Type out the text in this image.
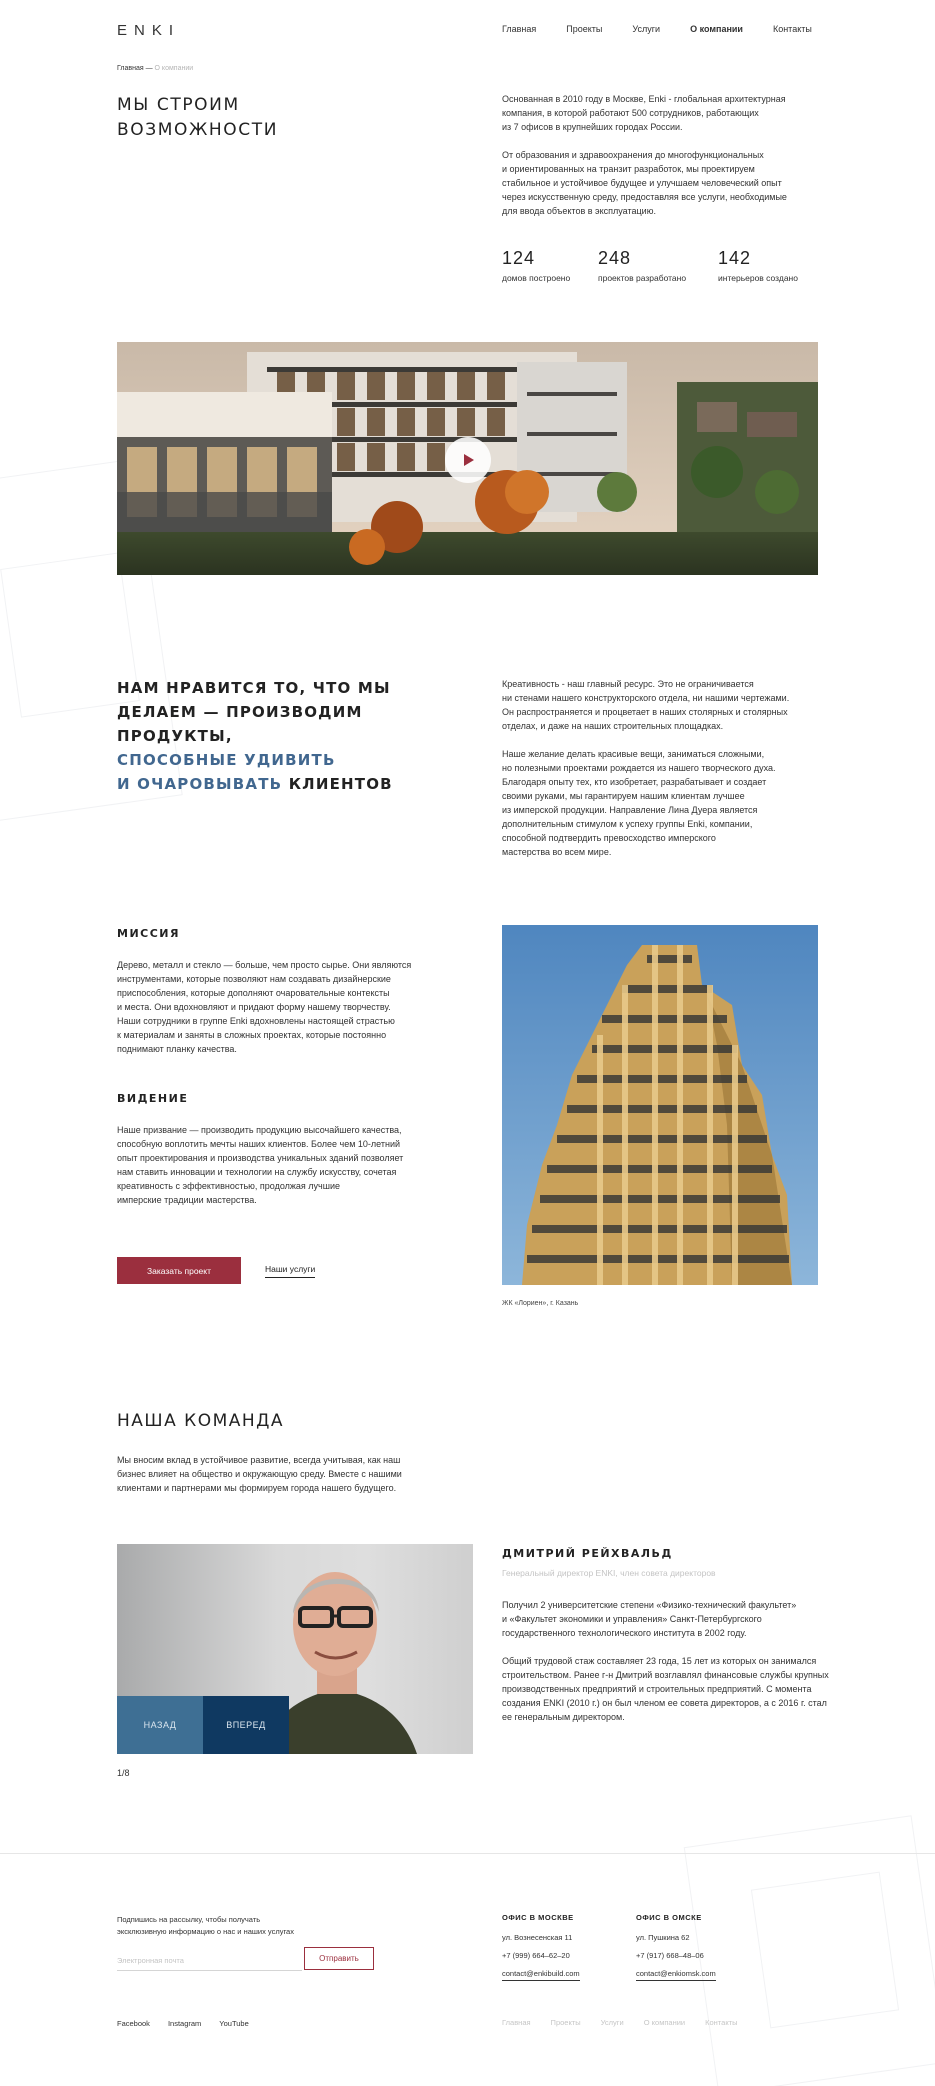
ENKI	Главная	Проекты	Услуги	О компании	Контакты
Главная — О компании
МЫ СТРОИМ
ВОЗМОЖНОСТИ
Основанная в 2010 году в Москве, Enki - глобальная архитектурная
компания, в которой работают 500 сотрудников, работающих
из 7 офисов в крупнейших городах России.
От образования и здравоохранения до многофункциональных
и ориентированных на транзит разработок, мы проектируем
стабильное и устойчивое будущее и улучшаем человеческий опыт
через искусственную среду, предоставляя все услуги, необходимые
для ввода объектов в эксплуатацию.
124
домов построено
248
проектов разработано
142
интерьеров создано
НАМ НРАВИТСЯ ТО, ЧТО МЫ
ДЕЛАЕМ — ПРОИЗВОДИМ ПРОДУКТЫ,
СПОСОБНЫЕ УДИВИТЬ
И ОЧАРОВЫВАТЬ КЛИЕНТОВ
Креативность - наш главный ресурс. Это не ограничивается
ни стенами нашего конструкторского отдела, ни нашими чертежами.
Он распространяется и процветает в наших столярных и столярных
отделах, и даже на наших строительных площадках.
Наше желание делать красивые вещи, заниматься сложными,
но полезными проектами рождается из нашего творческого духа.
Благодаря опыту тех, кто изобретает, разрабатывает и создает
своими руками, мы гарантируем нашим клиентам лучшее
из имперской продукции. Направление Лина Дуера является
дополнительным стимулом к успеху группы Enki, компании,
способной подтвердить превосходство имперского
мастерства во всем мире.
МИССИЯ
Дерево, металл и стекло — больше, чем просто сырье. Они являются
инструментами, которые позволяют нам создавать дизайнерские
приспособления, которые дополняют очаровательные контексты
и места. Они вдохновляют и придают форму нашему творчеству.
Наши сотрудники в группе Enki вдохновлены настоящей страстью
к материалам и заняты в сложных проектах, которые постоянно
поднимают планку качества.
ВИДЕНИЕ
Наше призвание — производить продукцию высочайшего качества,
способную воплотить мечты наших клиентов. Более чем 10-летний
опыт проектирования и производства уникальных зданий позволяет
нам ставить инновации и технологии на службу искусству, сочетая
креативность с эффективностью, продолжая лучшие
имперские традиции мастерства.
Заказать проект	Наши услуги
ЖК «Лориен», г. Казань
НАША КОМАНДА
Мы вносим вклад в устойчивое развитие, всегда учитывая, как наш
бизнес влияет на общество и окружающую среду. Вместе с нашими
клиентами и партнерами мы формируем города нашего будущего.
НАЗАД	ВПЕРЕД
1/8
ДМИТРИЙ РЕЙХВАЛЬД
Генеральный директор ENKI, член совета директоров
Получил 2 университетские степени «Физико-технический факультет»
и «Факультет экономики и управления» Санкт-Петербургского
государственного технологического института в 2002 году.
Общий трудовой стаж составляет 23 года, 15 лет из которых он занимался
строительством. Ранее г-н Дмитрий возглавлял финансовые службы крупных
производственных предприятий и строительных предприятий. С момента
создания ENKI (2010 г.) он был членом ее совета директоров, а с 2016 г. стал
ее генеральным директором.
Подпишись на рассылку, чтобы получать
эксклюзивную информацию о нас и наших услугах
Электронная почта	Отправить
ОФИС В МОСКВЕ
ул. Вознесенская 11
+7 (999) 664–62–20
contact@enkibuild.com
ОФИС В ОМСКЕ
ул. Пушкина 62
+7 (917) 668–48–06
contact@enkiomsk.com
Facebook Instagram YouTube	Главная	Проекты	Услуги	О компании	Контакты
